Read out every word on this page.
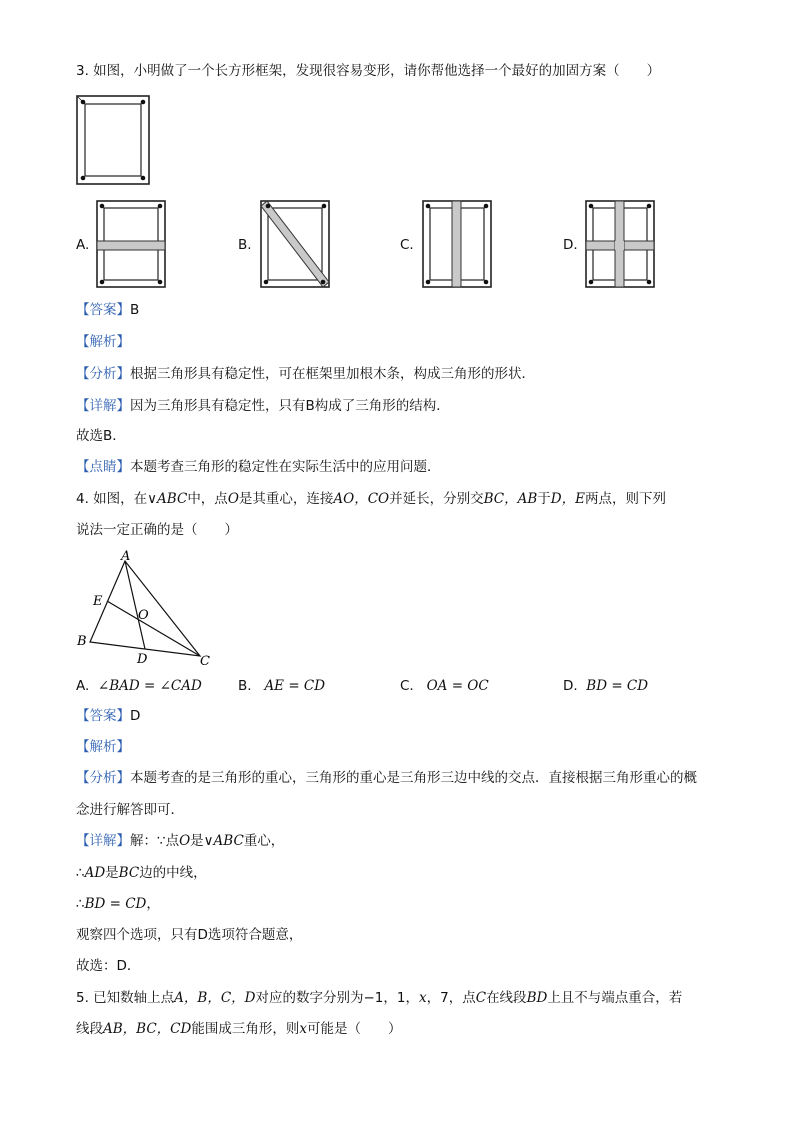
3. 如图，小明做了一个长方形框架，发现很容易变形，请你帮他选择一个最好的加固方案（　　）
A.	B.	C.	D.
【答案】B
【解析】
【分析】根据三角形具有稳定性，可在框架里加根木条，构成三角形的形状．
【详解】因为三角形具有稳定性，只有B构成了三角形的结构．
故选B．
【点睛】本题考查三角形的稳定性在实际生活中的应用问题．
4. 如图，在∨ABC中，点O是其重心，连接AO，CO并延长，分别交BC，AB于D，E两点，则下列
说法一定正确的是（　　）
A
E
O
B
D	C
A. ∠BAD = ∠CAD	B. AE = CD	C. OA = OC	D. BD = CD
【答案】D
【解析】
【分析】本题考查的是三角形的重心，三角形的重心是三角形三边中线的交点．直接根据三角形重心的概
念进行解答即可．
【详解】解：∵点O是∨ABC重心，
∴AD是BC边的中线，
∴BD = CD，
观察四个选项，只有D选项符合题意，
故选：D．
5. 已知数轴上点A，B，C，D对应的数字分别为−1，1，x，7，点C在线段BD上且不与端点重合，若
线段AB，BC，CD能围成三角形，则x可能是（　　）
